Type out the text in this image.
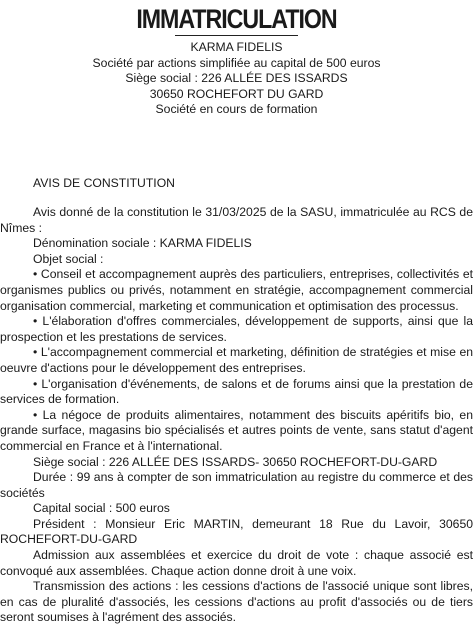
IMMATRICULATION
KARMA FIDELIS
Société par actions simplifiée au capital de 500 euros
Siège social : 226 ALLÉE DES ISSARDS
30650 ROCHEFORT DU GARD
Société en cours de formation
AVIS DE CONSTITUTION

Avis donné de la constitution le 31/03/2025 de la SASU, immatriculée au RCS de Nîmes :

Dénomination sociale : KARMA FIDELIS

Objet social :

• Conseil et accompagnement auprès des particuliers, entreprises, collectivités et organismes publics ou privés, notamment en stratégie, accompagnement commercial organisation commercial, marketing et communication et optimisation des processus.

• L'élaboration d'offres commerciales, développement de supports, ainsi que la prospection et les prestations de services.

• L'accompagnement commercial et marketing, définition de stratégies et mise en oeuvre d'actions pour le développement des entreprises.

• L'organisation d'événements, de salons et de forums ainsi que la prestation de services de formation.

• La négoce de produits alimentaires, notamment des biscuits apéritifs bio, en grande surface, magasins bio spécialisés et autres points de vente, sans statut d'agent commercial en France et à l'international.

Siège social : 226 ALLÉE DES ISSARDS- 30650 ROCHEFORT-DU-GARD

Durée : 99 ans à compter de son immatriculation au registre du commerce et des sociétés

Capital social : 500 euros

Président : Monsieur Eric MARTIN, demeurant 18 Rue du Lavoir, 30650 ROCHEFORT-DU-GARD

Admission aux assemblées et exercice du droit de vote : chaque associé est convoqué aux assemblées. Chaque action donne droit à une voix.

Transmission des actions : les cessions d'actions de l'associé unique sont libres, en cas de pluralité d'associés, les cessions d'actions au profit d'associés ou de tiers seront soumises à l'agrément des associés.
